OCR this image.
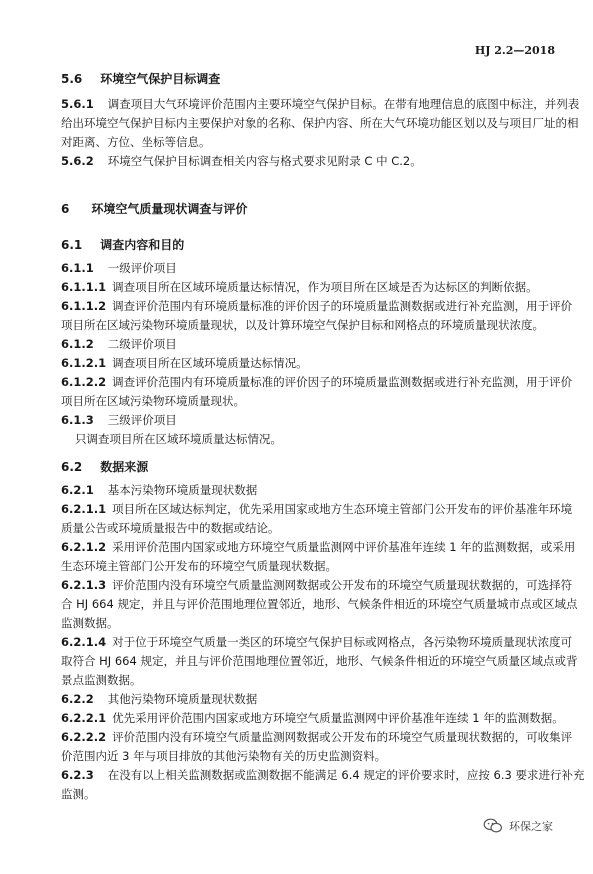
HJ 2.2—2018
5.6 环境空气保护目标调查
5.6.1 调查项目大气环境评价范围内主要环境空气保护目标。在带有地理信息的底图中标注，并列表
给出环境空气保护目标内主要保护对象的名称、保护内容、所在大气环境功能区划以及与项目厂址的相
对距离、方位、坐标等信息。
5.6.2 环境空气保护目标调查相关内容与格式要求见附录 C 中 C.2。
6 环境空气质量现状调查与评价
6.1 调查内容和目的
6.1.1 一级评价项目
6.1.1.1 调查项目所在区域环境质量达标情况，作为项目所在区域是否为达标区的判断依据。
6.1.1.2 调查评价范围内有环境质量标准的评价因子的环境质量监测数据或进行补充监测，用于评价
项目所在区域污染物环境质量现状，以及计算环境空气保护目标和网格点的环境质量现状浓度。
6.1.2 二级评价项目
6.1.2.1 调查项目所在区域环境质量达标情况。
6.1.2.2 调查评价范围内有环境质量标准的评价因子的环境质量监测数据或进行补充监测，用于评价
项目所在区域污染物环境质量现状。
6.1.3 三级评价项目
只调查项目所在区域环境质量达标情况。
6.2 数据来源
6.2.1 基本污染物环境质量现状数据
6.2.1.1 项目所在区域达标判定，优先采用国家或地方生态环境主管部门公开发布的评价基准年环境
质量公告或环境质量报告中的数据或结论。
6.2.1.2 采用评价范围内国家或地方环境空气质量监测网中评价基准年连续 1 年的监测数据，或采用
生态环境主管部门公开发布的环境空气质量现状数据。
6.2.1.3 评价范围内没有环境空气质量监测网数据或公开发布的环境空气质量现状数据的，可选择符
合 HJ 664 规定，并且与评价范围地理位置邻近，地形、气候条件相近的环境空气质量城市点或区域点
监测数据。
6.2.1.4 对于位于环境空气质量一类区的环境空气保护目标或网格点，各污染物环境质量现状浓度可
取符合 HJ 664 规定，并且与评价范围地理位置邻近，地形、气候条件相近的环境空气质量区域点或背
景点监测数据。
6.2.2 其他污染物环境质量现状数据
6.2.2.1 优先采用评价范围内国家或地方环境空气质量监测网中评价基准年连续 1 年的监测数据。
6.2.2.2 评价范围内没有环境空气质量监测网数据或公开发布的环境空气质量现状数据的，可收集评
价范围内近 3 年与项目排放的其他污染物有关的历史监测资料。
6.2.3 在没有以上相关监测数据或监测数据不能满足 6.4 规定的评价要求时，应按 6.3 要求进行补充
监测。
环保之家
